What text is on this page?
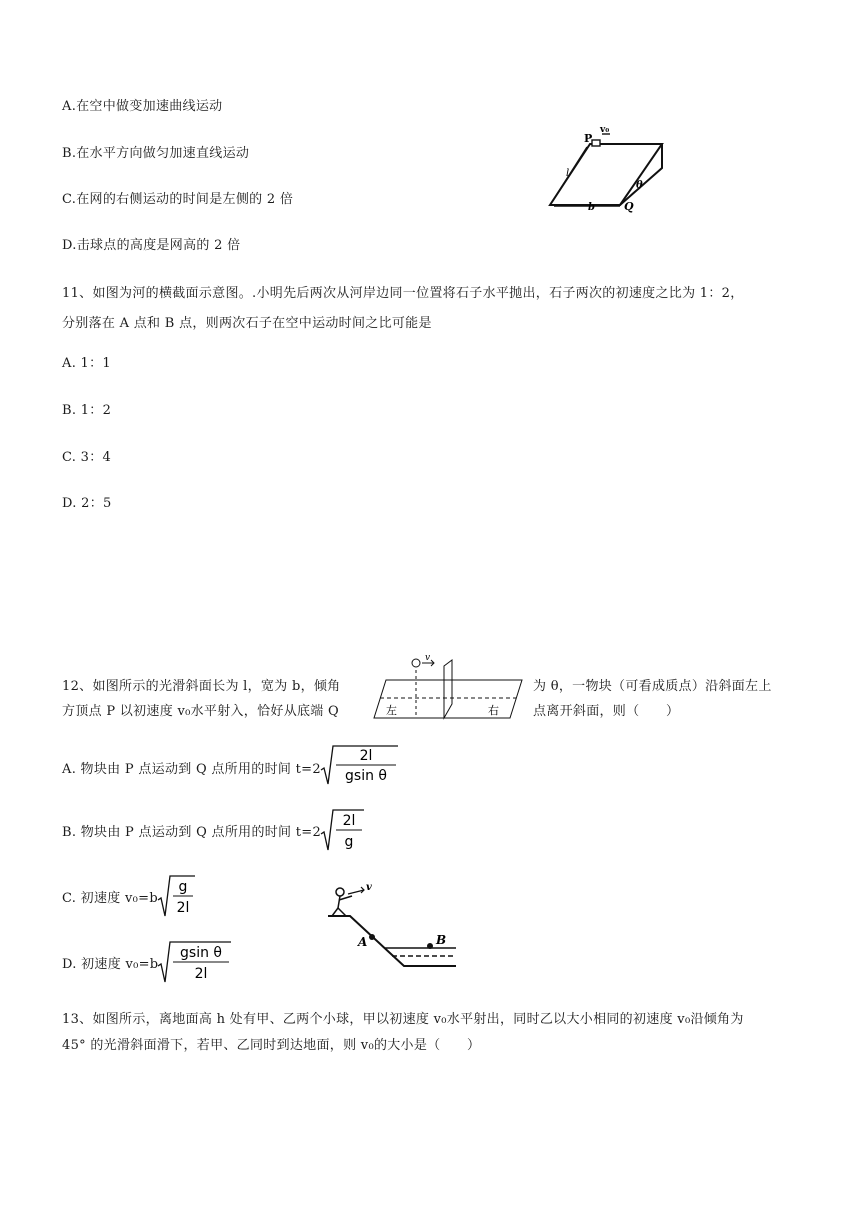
A.在空中做变加速曲线运动
B.在水平方向做匀加速直线运动
C.在网的右侧运动的时间是左侧的 2 倍
D.击球点的高度是网高的 2 倍
P
v₀
l
b
θ
Q
11、如图为河的横截面示意图。.小明先后两次从河岸边同一位置将石子水平抛出，石子两次的初速度之比为 1：2，
分别落在 A 点和 B 点，则两次石子在空中运动时间之比可能是
A. 1：1
B. 1：2
C. 3：4
D. 2：5
12、如图所示的光滑斜面长为 l，宽为 b，倾角	为 θ，一物块（可看成质点）沿斜面左上
方顶点 P 以初速度 v₀水平射入，恰好从底端 Q	点离开斜面，则（　　）
v
左	右
A. 物块由 P 点运动到 Q 点所用的时间 t=2
2l
gsin θ
B. 物块由 P 点运动到 Q 点所用的时间 t=2
2l
g
C. 初速度 v₀=b
g
2l
v
A	B
D. 初速度 v₀=b
gsin θ
2l
13、如图所示，离地面高 h 处有甲、乙两个小球，甲以初速度 v₀水平射出，同时乙以大小相同的初速度 v₀沿倾角为
45° 的光滑斜面滑下，若甲、乙同时到达地面，则 v₀的大小是（　　）
